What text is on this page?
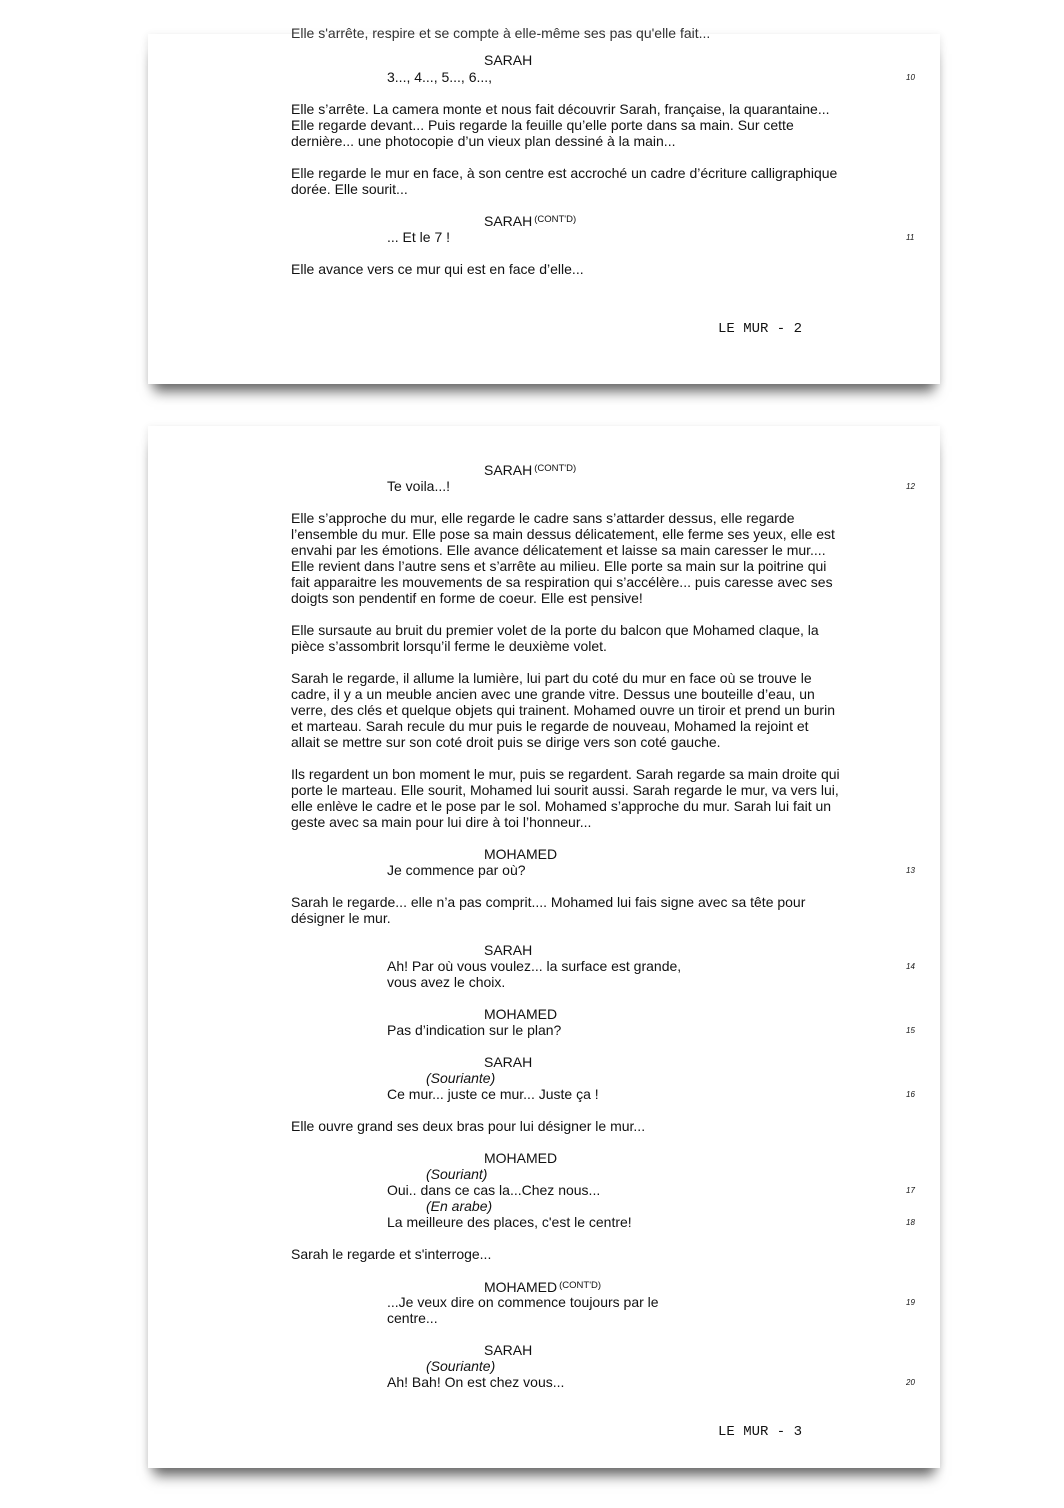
Elle s'arrête, respire et se compte à elle-même ses pas qu'elle fait...
SARAH
3..., 4..., 5..., 6...,	10
Elle s’arrête. La camera monte et nous fait découvrir Sarah, française, la quarantaine...
Elle regarde devant... Puis regarde la feuille qu’elle porte dans sa main. Sur cette
dernière... une photocopie d’un vieux plan dessiné à la main...
Elle regarde le mur en face, à son centre est accroché un cadre d’écriture calligraphique
dorée. Elle sourit...
SARAH $^{(CONT'D)}$
... Et le 7 !	11
Elle avance vers ce mur qui est en face d’elle...
LE MUR - 2
SARAH $^{(CONT'D)}$
Te voila...!	12
Elle s’approche du mur, elle regarde le cadre sans s’attarder dessus, elle regarde
l’ensemble du mur. Elle pose sa main dessus délicatement, elle ferme ses yeux, elle est
envahi par les émotions. Elle avance délicatement et laisse sa main caresser le mur....
Elle revient dans l’autre sens et s’arrête au milieu. Elle porte sa main sur la poitrine qui
fait apparaitre les mouvements de sa respiration qui s’accélère... puis caresse avec ses
doigts son pendentif en forme de coeur. Elle est pensive!
Elle sursaute au bruit du premier volet de la porte du balcon que Mohamed claque, la
pièce s’assombrit lorsqu’il ferme le deuxième volet.
Sarah le regarde, il allume la lumière, lui part du coté du mur en face où se trouve le
cadre, il y a un meuble ancien avec une grande vitre. Dessus une bouteille d’eau, un
verre, des clés et quelque objets qui trainent. Mohamed ouvre un tiroir et prend un burin
et marteau. Sarah recule du mur puis le regarde de nouveau, Mohamed la rejoint et
allait se mettre sur son coté droit puis se dirige vers son coté gauche.
Ils regardent un bon moment le mur, puis se regardent. Sarah regarde sa main droite qui
porte le marteau. Elle sourit, Mohamed lui sourit aussi. Sarah regarde le mur, va vers lui,
elle enlève le cadre et le pose par le sol. Mohamed s’approche du mur. Sarah lui fait un
geste avec sa main pour lui dire à toi l’honneur...
MOHAMED
Je commence par où?	13
Sarah le regarde... elle n’a pas comprit.... Mohamed lui fais signe avec sa tête pour
désigner le mur.
SARAH
Ah! Par où vous voulez... la surface est grande,	14
vous avez le choix.
MOHAMED
Pas d’indication sur le plan?	15
SARAH
(Souriante)
Ce mur... juste ce mur... Juste ça !	16
Elle ouvre grand ses deux bras pour lui désigner le mur...
MOHAMED
(Souriant)
Oui.. dans ce cas la...Chez nous...	17
(En arabe)
La meilleure des places, c'est le centre!	18
Sarah le regarde et s'interroge...
MOHAMED $^{(CONT'D)}$
...Je veux dire on commence toujours par le	19
centre...
SARAH
(Souriante)
Ah! Bah! On est chez vous...	20
LE MUR - 3
